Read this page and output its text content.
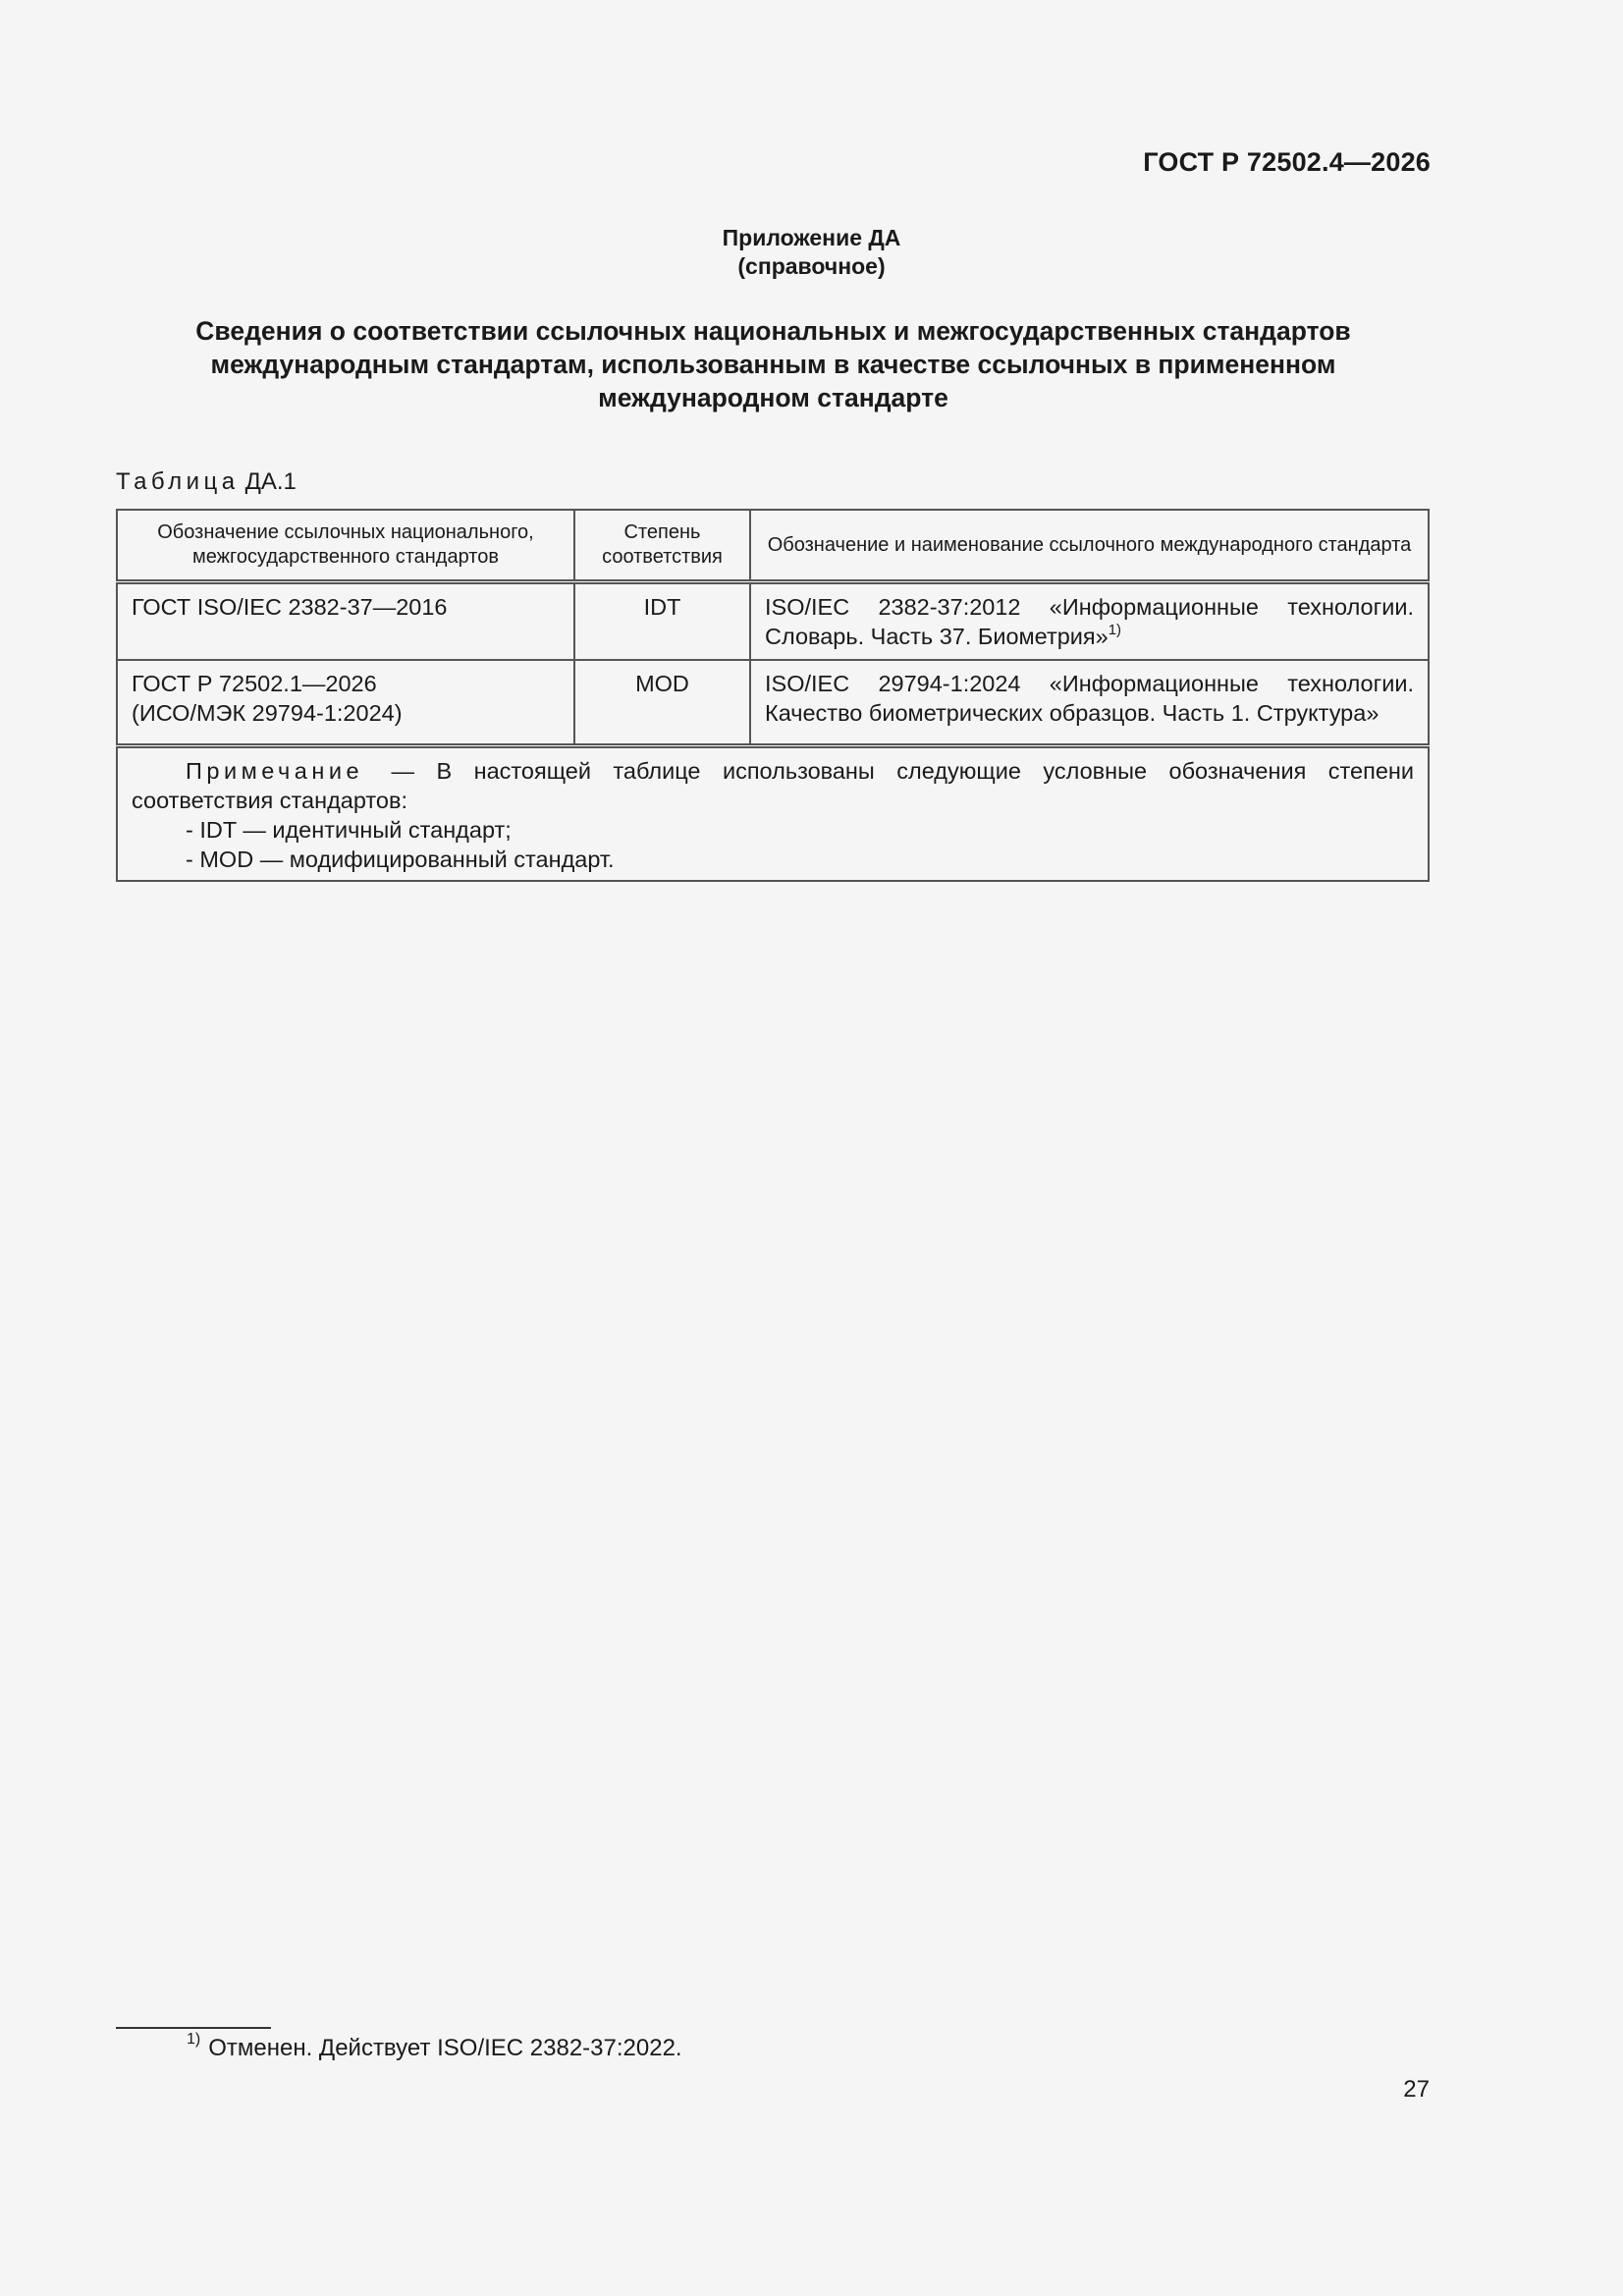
ГОСТ Р 72502.4—2026
Приложение ДА
(справочное)
Сведения о соответствии ссылочных национальных и межгосударственных стандартов
международным стандартам, использованным в качестве ссылочных в примененном
международном стандарте
Таблица ДА.1
Обозначение ссылочных национального, межгосударственного стандартов	Степень соответствия	Обозначение и наименование ссылочного международного стандарта

ГОСТ ISO/IEC 2382-37—2016	IDT	ISO/IEC 2382-37:2012 «Информационные технологии.
Словарь. Часть 37. Биометрия»$^{1)}$

ГОСТ Р 72502.1—2026
(ИСО/МЭК 29794-1:2024)	MOD	ISO/IEC 29794-1:2024 «Информационные технологии.
Качество биометрических образцов. Часть 1. Структура»

Примечание — В настоящей таблице использованы следующие условные обозначения степени соответствия стандартов:
- IDT — идентичный стандарт;
- MOD — модифицированный стандарт.		
$^{1)}$ Отменен. Действует ISO/IEC 2382-37:2022.
27
